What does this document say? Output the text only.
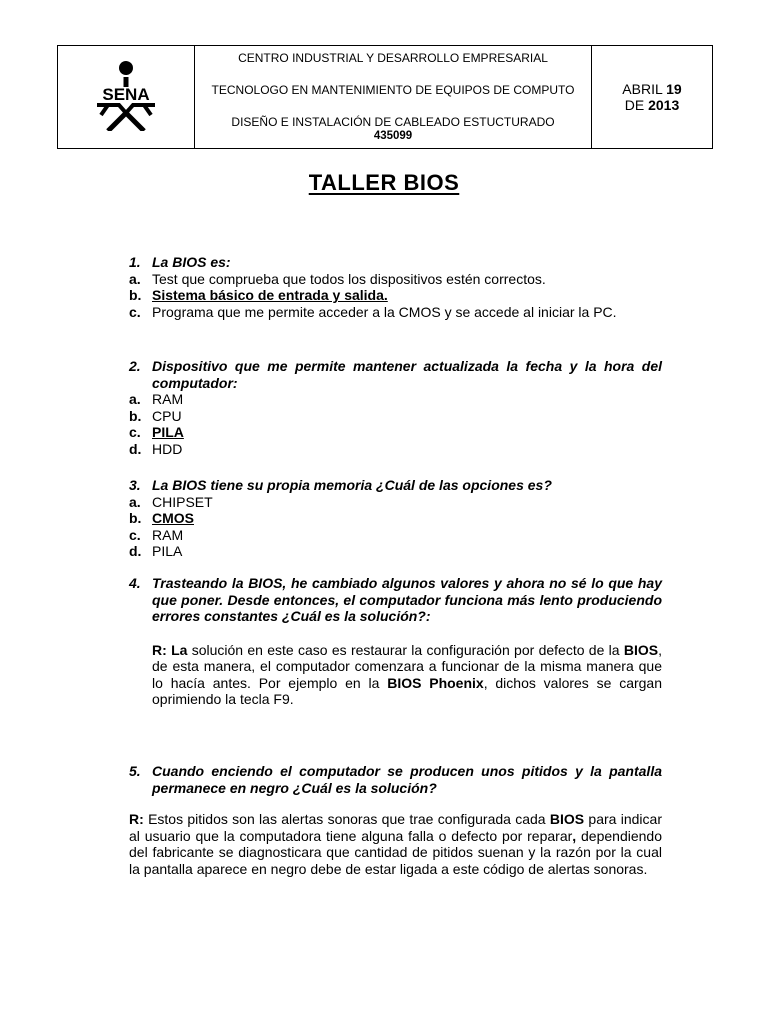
SENA

CENTRO INDUSTRIAL Y DESARROLLO EMPRESARIAL
TECNOLOGO EN MANTENIMIENTO DE EQUIPOS DE COMPUTO
DISEÑO E INSTALACIÓN DE CABLEADO ESTUCTURADO
435099
	ABRIL 19
DE 2013
TALLER BIOS
1. La BIOS es:
a. Test que comprueba que todos los dispositivos estén correctos.
b. Sistema básico de entrada y salida.
c. Programa que me permite acceder a la CMOS y se accede al iniciar la PC.
2. Dispositivo que me permite mantener actualizada la fecha y la hora del computador:
a. RAM
b. CPU
c. PILA
d. HDD
3. La BIOS tiene su propia memoria ¿Cuál de las opciones es?
a. CHIPSET
b. CMOS
c. RAM
d. PILA
4. Trasteando la BIOS, he cambiado algunos valores y ahora no sé lo que hay que poner. Desde entonces, el computador funciona más lento produciendo errores constantes ¿Cuál es la solución?:
R: La solución en este caso es restaurar la configuración por defecto de la BIOS, de esta manera, el computador comenzara a funcionar de la misma manera que lo hacía antes. Por ejemplo en la BIOS Phoenix, dichos valores se cargan oprimiendo la tecla F9.
5. Cuando enciendo el computador se producen unos pitidos y la pantalla permanece en negro ¿Cuál es la solución?
R: Estos pitidos son las alertas sonoras que trae configurada cada BIOS para indicar al usuario que la computadora tiene alguna falla o defecto por reparar, dependiendo del fabricante se diagnosticara que cantidad de pitidos suenan y la razón por la cual la pantalla aparece en negro debe de estar ligada a este código de alertas sonoras.
